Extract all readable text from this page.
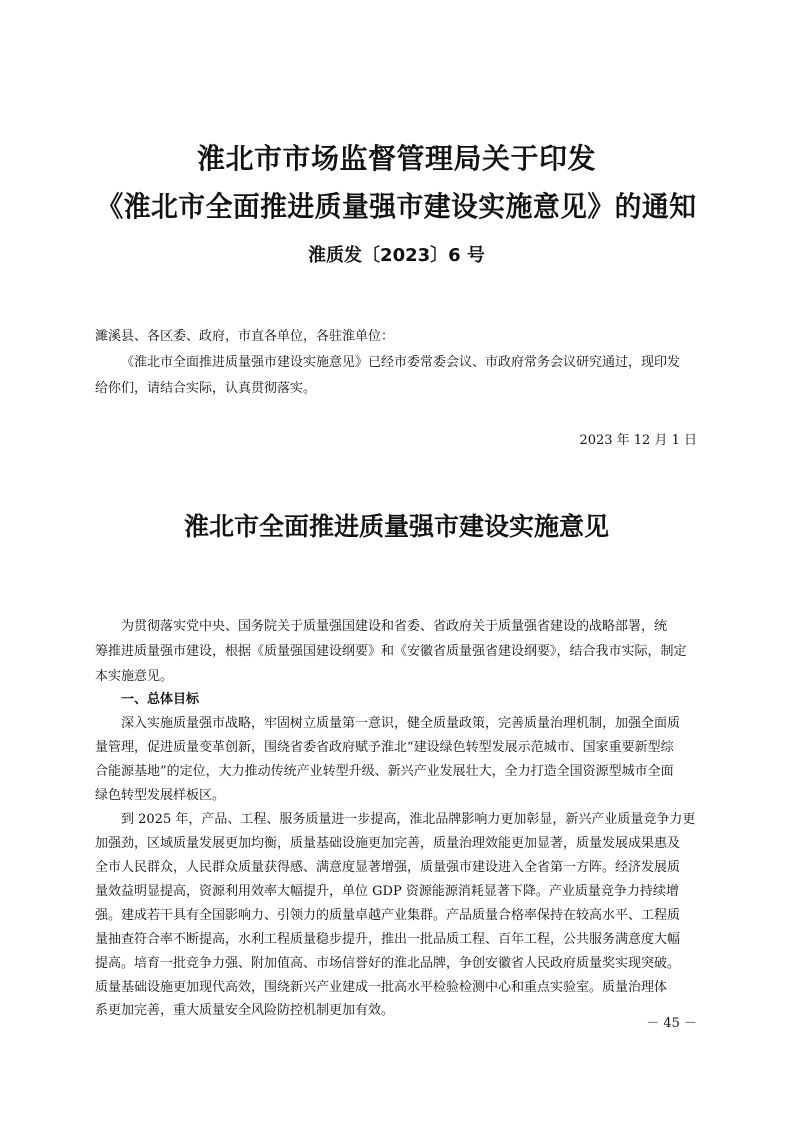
淮北市市场监督管理局关于印发
《淮北市全面推进质量强市建设实施意见》的通知
淮质发〔2023〕6 号
濉溪县、各区委、政府，市直各单位，各驻淮单位：
《淮北市全面推进质量强市建设实施意见》已经市委常委会议、市政府常务会议研究通过，现印发
给你们，请结合实际，认真贯彻落实。
2023 年 12 月 1 日
淮北市全面推进质量强市建设实施意见
为贯彻落实党中央、国务院关于质量强国建设和省委、省政府关于质量强省建设的战略部署，统
筹推进质量强市建设，根据《质量强国建设纲要》和《安徽省质量强省建设纲要》，结合我市实际，制定
本实施意见。
一、总体目标
深入实施质量强市战略，牢固树立质量第一意识，健全质量政策，完善质量治理机制，加强全面质
量管理，促进质量变革创新，围绕省委省政府赋予淮北“建设绿色转型发展示范城市、国家重要新型综
合能源基地”的定位，大力推动传统产业转型升级、新兴产业发展壮大，全力打造全国资源型城市全面
绿色转型发展样板区。
到 2025 年，产品、工程、服务质量进一步提高，淮北品牌影响力更加彰显，新兴产业质量竞争力更
加强劲，区域质量发展更加均衡，质量基础设施更加完善，质量治理效能更加显著，质量发展成果惠及
全市人民群众，人民群众质量获得感、满意度显著增强，质量强市建设进入全省第一方阵。经济发展质
量效益明显提高，资源利用效率大幅提升，单位 GDP 资源能源消耗显著下降。产业质量竞争力持续增
强。建成若干具有全国影响力、引领力的质量卓越产业集群。产品质量合格率保持在较高水平、工程质
量抽查符合率不断提高，水利工程质量稳步提升，推出一批品质工程、百年工程，公共服务满意度大幅
提高。培育一批竞争力强、附加值高、市场信誉好的淮北品牌，争创安徽省人民政府质量奖实现突破。
质量基础设施更加现代高效，围绕新兴产业建成一批高水平检验检测中心和重点实验室。质量治理体
系更加完善，重大质量安全风险防控机制更加有效。
－ 45 －
